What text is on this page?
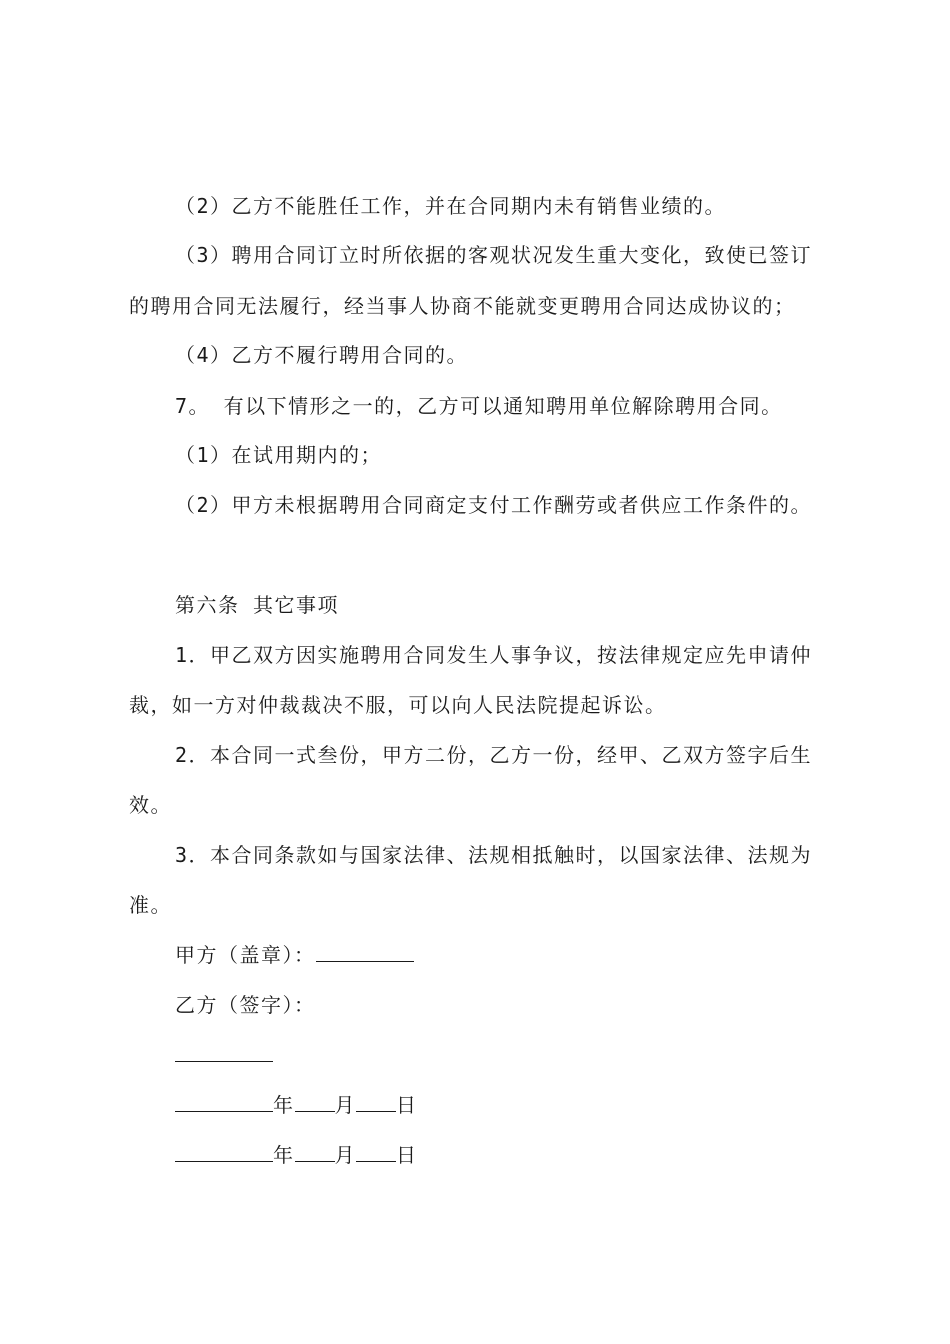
（2）乙方不能胜任工作，并在合同期内未有销售业绩的。
（3）聘用合同订立时所依据的客观状况发生重大变化，致使已签订
的聘用合同无法履行，经当事人协商不能就变更聘用合同达成协议的；
（4）乙方不履行聘用合同的。
7。 有以下情形之一的，乙方可以通知聘用单位解除聘用合同。
（1）在试用期内的；
（2）甲方未根据聘用合同商定支付工作酬劳或者供应工作条件的。
第六条 其它事项
1．甲乙双方因实施聘用合同发生人事争议，按法律规定应先申请仲
裁，如一方对仲裁裁决不服，可以向人民法院提起诉讼。
2．本合同一式叁份，甲方二份，乙方一份，经甲、乙双方签字后生
效。
3．本合同条款如与国家法律、法规相抵触时，以国家法律、法规为
准。
甲方（盖章）：
乙方（签字）：
年 月 日
年 月 日
